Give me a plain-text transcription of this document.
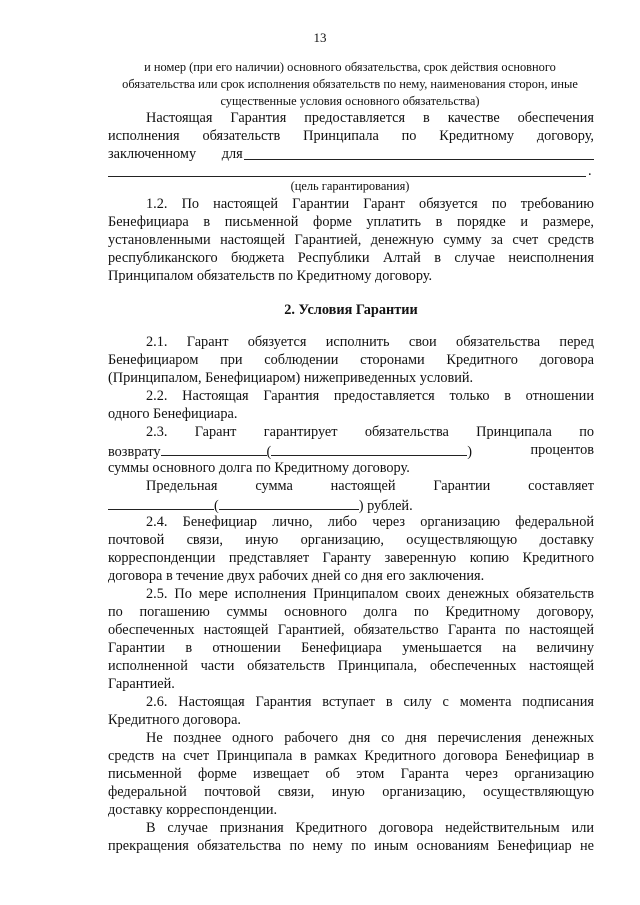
13
и номер (при его наличии) основного обязательства, срок действия основного
обязательства или срок исполнения обязательств по нему, наименования сторон, иные
существенные условия основного обязательства)
Настоящая Гарантия предоставляется в качестве обеспечения
исполнения обязательств Принципала по Кредитному договору,
заключенному для
.
(цель гарантирования)
1.2. По настоящей Гарантии Гарант обязуется по требованию
Бенефициара в письменной форме уплатить в порядке и размере,
установленными настоящей Гарантией, денежную сумму за счет средств
республиканского бюджета Республики Алтай в случае неисполнения
Принципалом обязательств по Кредитному договору.
2. Условия Гарантии
2.1. Гарант обязуется исполнить свои обязательства перед
Бенефициаром при соблюдении сторонами Кредитного договора
(Принципалом, Бенефициаром) нижеприведенных условий.
2.2. Настоящая Гарантия предоставляется только в отношении
одного Бенефициара.
2.3. Гарант гарантирует обязательства Принципала по
возврату	(	)	процентов
суммы основного долга по Кредитному договору.
Предельная сумма настоящей Гарантии составляет
(	) рублей.
2.4. Бенефициар лично, либо через организацию федеральной
почтовой связи, иную организацию, осуществляющую доставку
корреспонденции представляет Гаранту заверенную копию Кредитного
договора в течение двух рабочих дней со дня его заключения.
2.5. По мере исполнения Принципалом своих денежных обязательств
по погашению суммы основного долга по Кредитному договору,
обеспеченных настоящей Гарантией, обязательство Гаранта по настоящей
Гарантии в отношении Бенефициара уменьшается на величину
исполненной части обязательств Принципала, обеспеченных настоящей
Гарантией.
2.6. Настоящая Гарантия вступает в силу с момента подписания
Кредитного договора.
Не позднее одного рабочего дня со дня перечисления денежных
средств на счет Принципала в рамках Кредитного договора Бенефициар в
письменной форме извещает об этом Гаранта через организацию
федеральной почтовой связи, иную организацию, осуществляющую
доставку корреспонденции.
В случае признания Кредитного договора недействительным или
прекращения обязательства по нему по иным основаниям Бенефициар не
